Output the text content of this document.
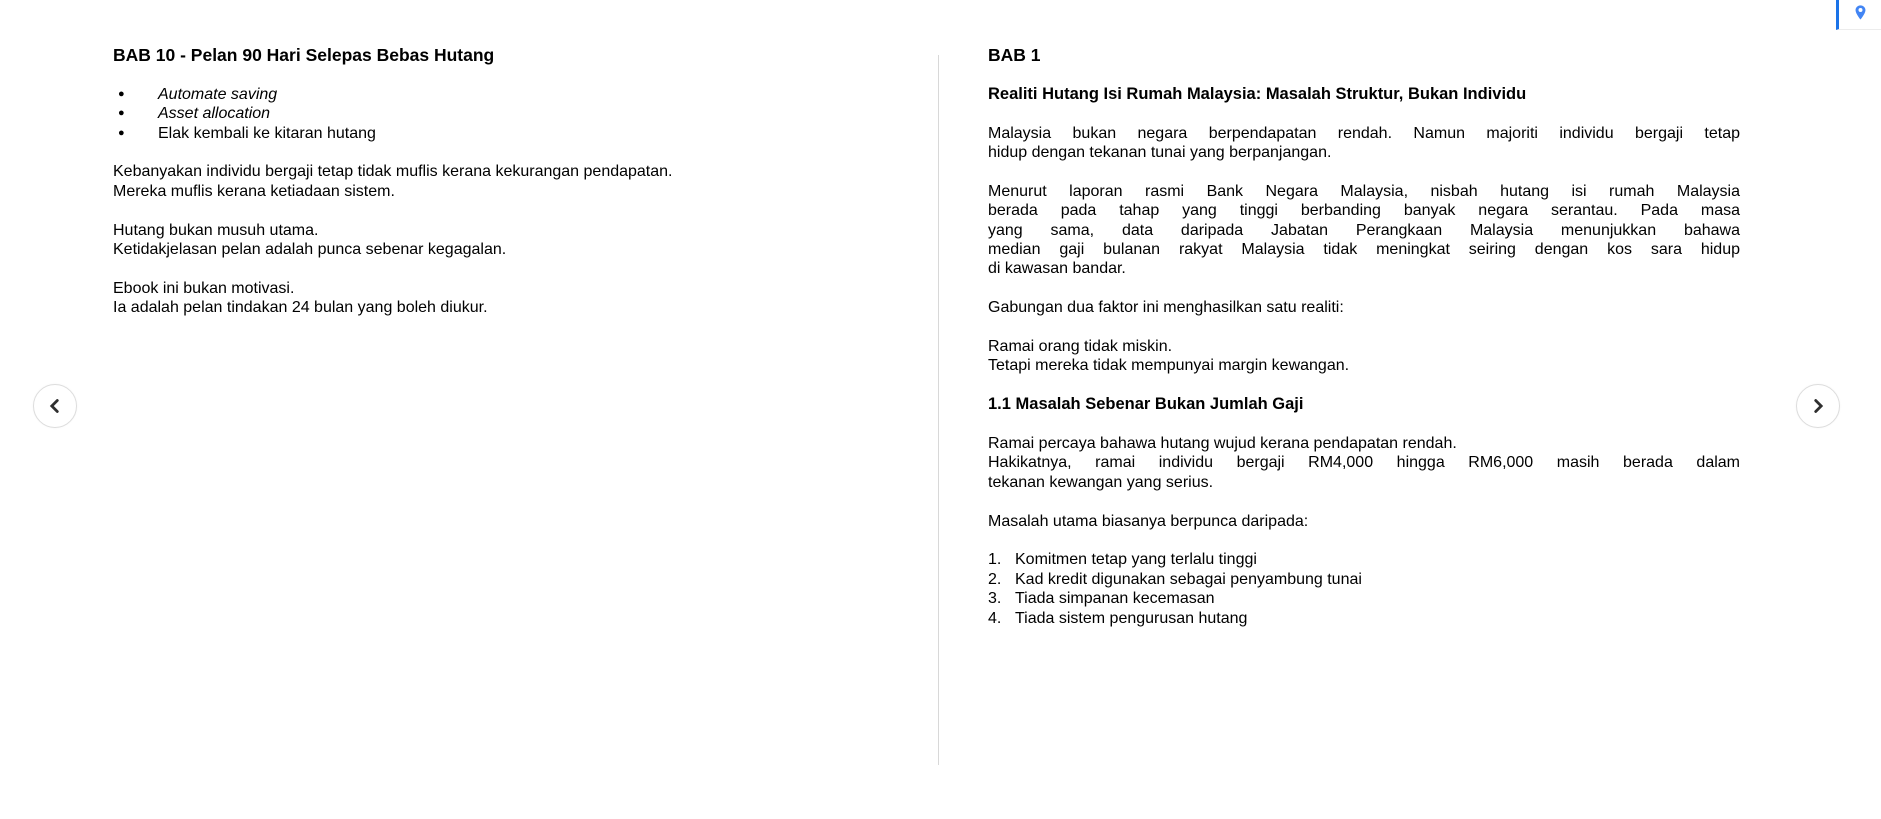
BAB 10 - Pelan 90 Hari Selepas Bebas Hutang
●	Automate saving
●	Asset allocation
●	Elak kembali ke kitaran hutang

Kebanyakan individu bergaji tetap tidak muflis kerana kekurangan pendapatan.
Mereka muflis kerana ketiadaan sistem.

Hutang bukan musuh utama.
Ketidakjelasan pelan adalah punca sebenar kegagalan.

Ebook ini bukan motivasi.
Ia adalah pelan tindakan 24 bulan yang boleh diukur.

BAB 1
Realiti Hutang Isi Rumah Malaysia: Masalah Struktur, Bukan Individu

Malaysia bukan negara berpendapatan rendah. Namun majoriti individu bergaji tetap
hidup dengan tekanan tunai yang berpanjangan.

Menurut laporan rasmi Bank Negara Malaysia, nisbah hutang isi rumah Malaysia
berada pada tahap yang tinggi berbanding banyak negara serantau. Pada masa
yang sama, data daripada Jabatan Perangkaan Malaysia menunjukkan bahawa
median gaji bulanan rakyat Malaysia tidak meningkat seiring dengan kos sara hidup
di kawasan bandar.

Gabungan dua faktor ini menghasilkan satu realiti:

Ramai orang tidak miskin.
Tetapi mereka tidak mempunyai margin kewangan.

1.1 Masalah Sebenar Bukan Jumlah Gaji

Ramai percaya bahawa hutang wujud kerana pendapatan rendah.
Hakikatnya, ramai individu bergaji RM4,000 hingga RM6,000 masih berada dalam
tekanan kewangan yang serius.

Masalah utama biasanya berpunca daripada:

1. Komitmen tetap yang terlalu tinggi
2. Kad kredit digunakan sebagai penyambung tunai
3. Tiada simpanan kecemasan
4. Tiada sistem pengurusan hutang
